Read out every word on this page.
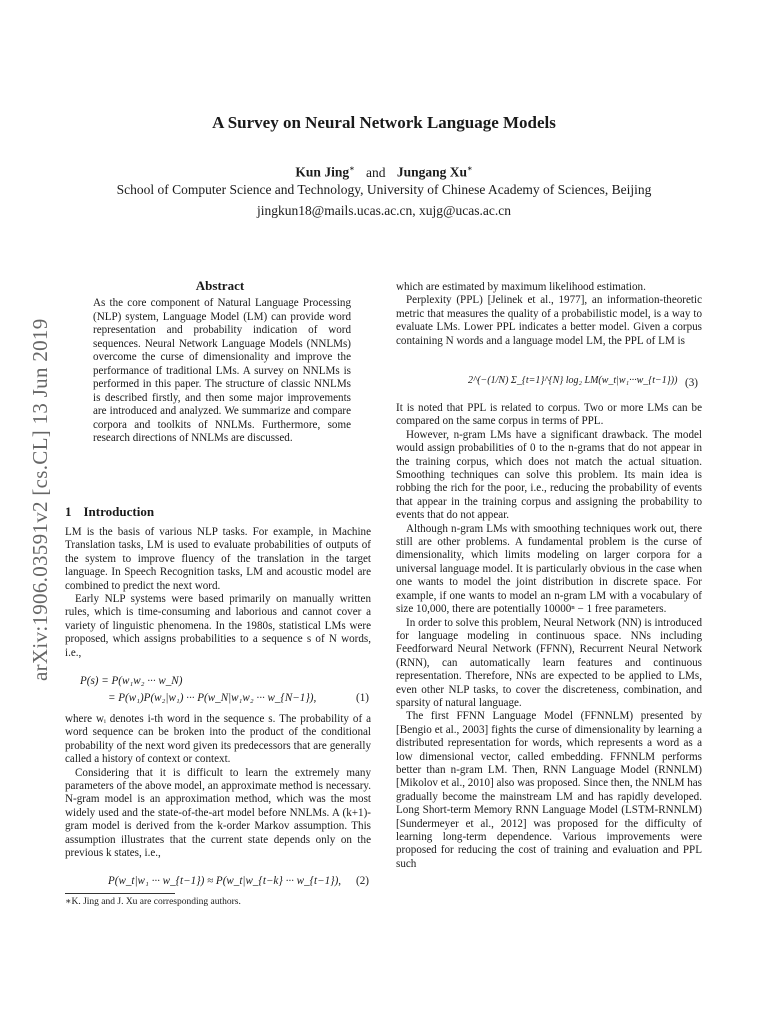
A Survey on Neural Network Language Models
Kun Jing∗ and Jungang Xu∗
School of Computer Science and Technology, University of Chinese Academy of Sciences, Beijing
jingkun18@mails.ucas.ac.cn, xujg@ucas.ac.cn
arXiv:1906.03591v2 [cs.CL] 13 Jun 2019
Abstract
As the core component of Natural Language Processing (NLP) system, Language Model (LM) can provide word representation and probability indication of word sequences. Neural Network Language Models (NNLMs) overcome the curse of dimensionality and improve the performance of traditional LMs. A survey on NNLMs is performed in this paper. The structure of classic NNLMs is described firstly, and then some major improvements are introduced and analyzed. We summarize and compare corpora and toolkits of NNLMs. Furthermore, some research directions of NNLMs are discussed.
1 Introduction

LM is the basis of various NLP tasks. For example, in Machine Translation tasks, LM is used to evaluate probabilities of outputs of the system to improve fluency of the translation in the target language. In Speech Recognition tasks, LM and acoustic model are combined to predict the next word.

Early NLP systems were based primarily on manually written rules, which is time-consuming and laborious and cannot cover a variety of linguistic phenomena. In the 1980s, statistical LMs were proposed, which assigns probabilities to a sequence s of N words, i.e.,

P(s) = P(w₁w₂ ··· w_N)
= P(w₁)P(w₂|w₁) ··· P(w_N|w₁w₂ ··· w_{N−1}),	(1)

where wᵢ denotes i-th word in the sequence s. The probability of a word sequence can be broken into the product of the conditional probability of the next word given its predecessors that are generally called a history of context or context.

Considering that it is difficult to learn the extremely many parameters of the above model, an approximate method is necessary. N-gram model is an approximation method, which was the most widely used and the state-of-the-art model before NNLMs. A (k+1)-gram model is derived from the k-order Markov assumption. This assumption illustrates that the current state depends only on the previous k states, i.e.,

P(w_t|w₁ ··· w_{t−1}) ≈ P(w_t|w_{t−k} ··· w_{t−1}), (2)
∗K. Jing and J. Xu are corresponding authors.

which are estimated by maximum likelihood estimation.

Perplexity (PPL) [Jelinek et al., 1977], an information-theoretic metric that measures the quality of a probabilistic model, is a way to evaluate LMs. Lower PPL indicates a better model. Given a corpus containing N words and a language model LM, the PPL of LM is

2^(−(1/N) Σ_{t=1}^{N} log₂ LM(w_t|w₁···w_{t−1})) (3)

It is noted that PPL is related to corpus. Two or more LMs can be compared on the same corpus in terms of PPL.

However, n-gram LMs have a significant drawback. The model would assign probabilities of 0 to the n-grams that do not appear in the training corpus, which does not match the actual situation. Smoothing techniques can solve this problem. Its main idea is robbing the rich for the poor, i.e., reducing the probability of events that appear in the training corpus and assigning the probability to events that do not appear.

Although n-gram LMs with smoothing techniques work out, there still are other problems. A fundamental problem is the curse of dimensionality, which limits modeling on larger corpora for a universal language model. It is particularly obvious in the case when one wants to model the joint distribution in discrete space. For example, if one wants to model an n-gram LM with a vocabulary of size 10,000, there are potentially 10000ⁿ − 1 free parameters.

In order to solve this problem, Neural Network (NN) is introduced for language modeling in continuous space. NNs including Feedforward Neural Network (FFNN), Recurrent Neural Network (RNN), can automatically learn features and continuous representation. Therefore, NNs are expected to be applied to LMs, even other NLP tasks, to cover the discreteness, combination, and sparsity of natural language.

The first FFNN Language Model (FFNNLM) presented by [Bengio et al., 2003] fights the curse of dimensionality by learning a distributed representation for words, which represents a word as a low dimensional vector, called embedding. FFNNLM performs better than n-gram LM. Then, RNN Language Model (RNNLM) [Mikolov et al., 2010] also was proposed. Since then, the NNLM has gradually become the mainstream LM and has rapidly developed. Long Short-term Memory RNN Language Model (LSTM-RNNLM) [Sundermeyer et al., 2012] was proposed for the difficulty of learning long-term dependence. Various improvements were proposed for reducing the cost of training and evaluation and PPL such
